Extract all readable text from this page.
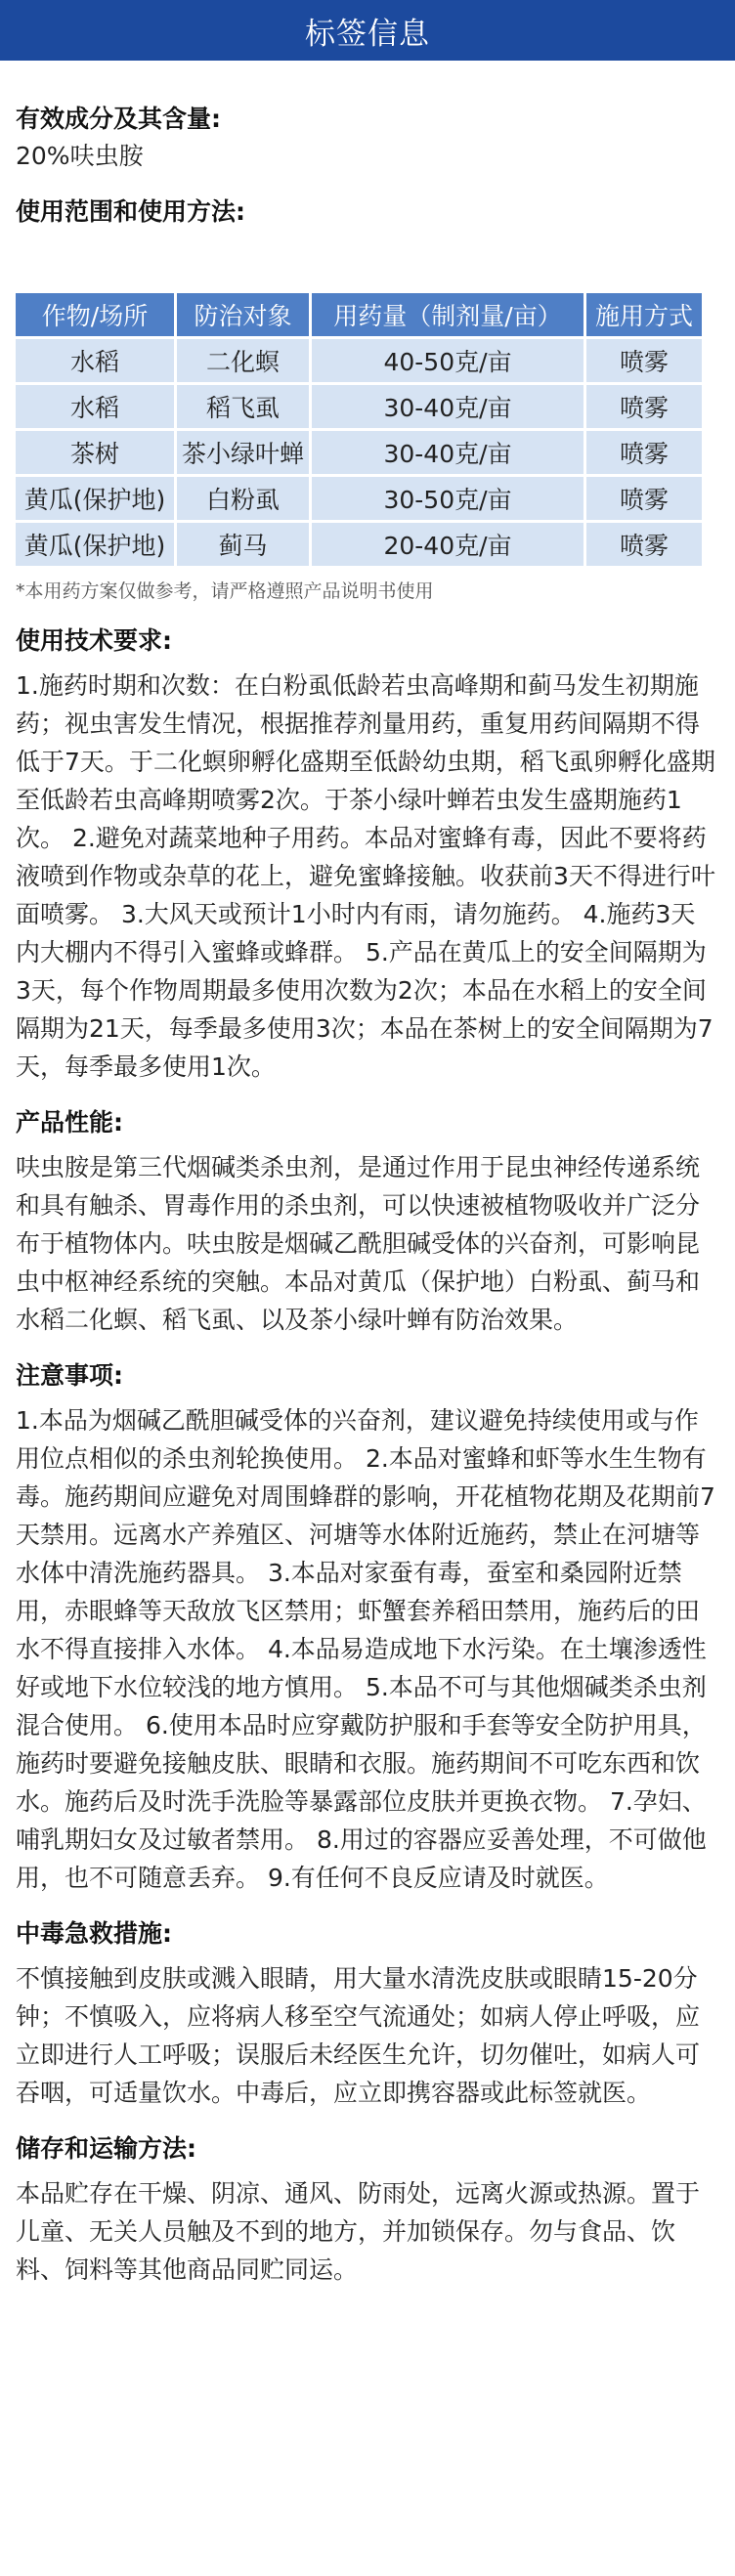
标签信息
有效成分及其含量:
20%呋虫胺
使用范围和使用方法:
作物/场所	防治对象	用药量（制剂量/亩）	施用方式
水稻	二化螟	40-50克/亩	喷雾
水稻	稻飞虱	30-40克/亩	喷雾
茶树	茶小绿叶蝉	30-40克/亩	喷雾
黄瓜(保护地)	白粉虱	30-50克/亩	喷雾
黄瓜(保护地)	蓟马	20-40克/亩	喷雾
*本用药方案仅做参考，请严格遵照产品说明书使用
使用技术要求:
1.施药时期和次数：在白粉虱低龄若虫高峰期和蓟马发生初期施药；视虫害发生情况，根据推荐剂量用药，重复用药间隔期不得低于7天。于二化螟卵孵化盛期至低龄幼虫期，稻飞虱卵孵化盛期至低龄若虫高峰期喷雾2次。于茶小绿叶蝉若虫发生盛期施药1次。 2.避免对蔬菜地种子用药。本品对蜜蜂有毒，因此不要将药液喷到作物或杂草的花上，避免蜜蜂接触。收获前3天不得进行叶面喷雾。 3.大风天或预计1小时内有雨，请勿施药。 4.施药3天内大棚内不得引入蜜蜂或蜂群。 5.产品在黄瓜上的安全间隔期为3天，每个作物周期最多使用次数为2次；本品在水稻上的安全间隔期为21天，每季最多使用3次；本品在茶树上的安全间隔期为7天，每季最多使用1次。
产品性能:
呋虫胺是第三代烟碱类杀虫剂，是通过作用于昆虫神经传递系统和具有触杀、胃毒作用的杀虫剂，可以快速被植物吸收并广泛分布于植物体内。呋虫胺是烟碱乙酰胆碱受体的兴奋剂，可影响昆虫中枢神经系统的突触。本品对黄瓜（保护地）白粉虱、蓟马和水稻二化螟、稻飞虱、以及茶小绿叶蝉有防治效果。
注意事项:
1.本品为烟碱乙酰胆碱受体的兴奋剂，建议避免持续使用或与作用位点相似的杀虫剂轮换使用。 2.本品对蜜蜂和虾等水生生物有毒。施药期间应避免对周围蜂群的影响，开花植物花期及花期前7天禁用。远离水产养殖区、河塘等水体附近施药，禁止在河塘等水体中清洗施药器具。 3.本品对家蚕有毒，蚕室和桑园附近禁用，赤眼蜂等天敌放飞区禁用；虾蟹套养稻田禁用，施药后的田水不得直接排入水体。 4.本品易造成地下水污染。在土壤渗透性好或地下水位较浅的地方慎用。 5.本品不可与其他烟碱类杀虫剂混合使用。 6.使用本品时应穿戴防护服和手套等安全防护用具，施药时要避免接触皮肤、眼睛和衣服。施药期间不可吃东西和饮水。施药后及时洗手洗脸等暴露部位皮肤并更换衣物。 7.孕妇、哺乳期妇女及过敏者禁用。 8.用过的容器应妥善处理，不可做他用，也不可随意丢弃。 9.有任何不良反应请及时就医。
中毒急救措施:
不慎接触到皮肤或溅入眼睛，用大量水清洗皮肤或眼睛15-20分钟；不慎吸入，应将病人移至空气流通处；如病人停止呼吸，应立即进行人工呼吸；误服后未经医生允许，切勿催吐，如病人可吞咽，可适量饮水。中毒后，应立即携容器或此标签就医。
储存和运输方法:
本品贮存在干燥、阴凉、通风、防雨处，远离火源或热源。置于儿童、无关人员触及不到的地方，并加锁保存。勿与食品、饮料、饲料等其他商品同贮同运。
